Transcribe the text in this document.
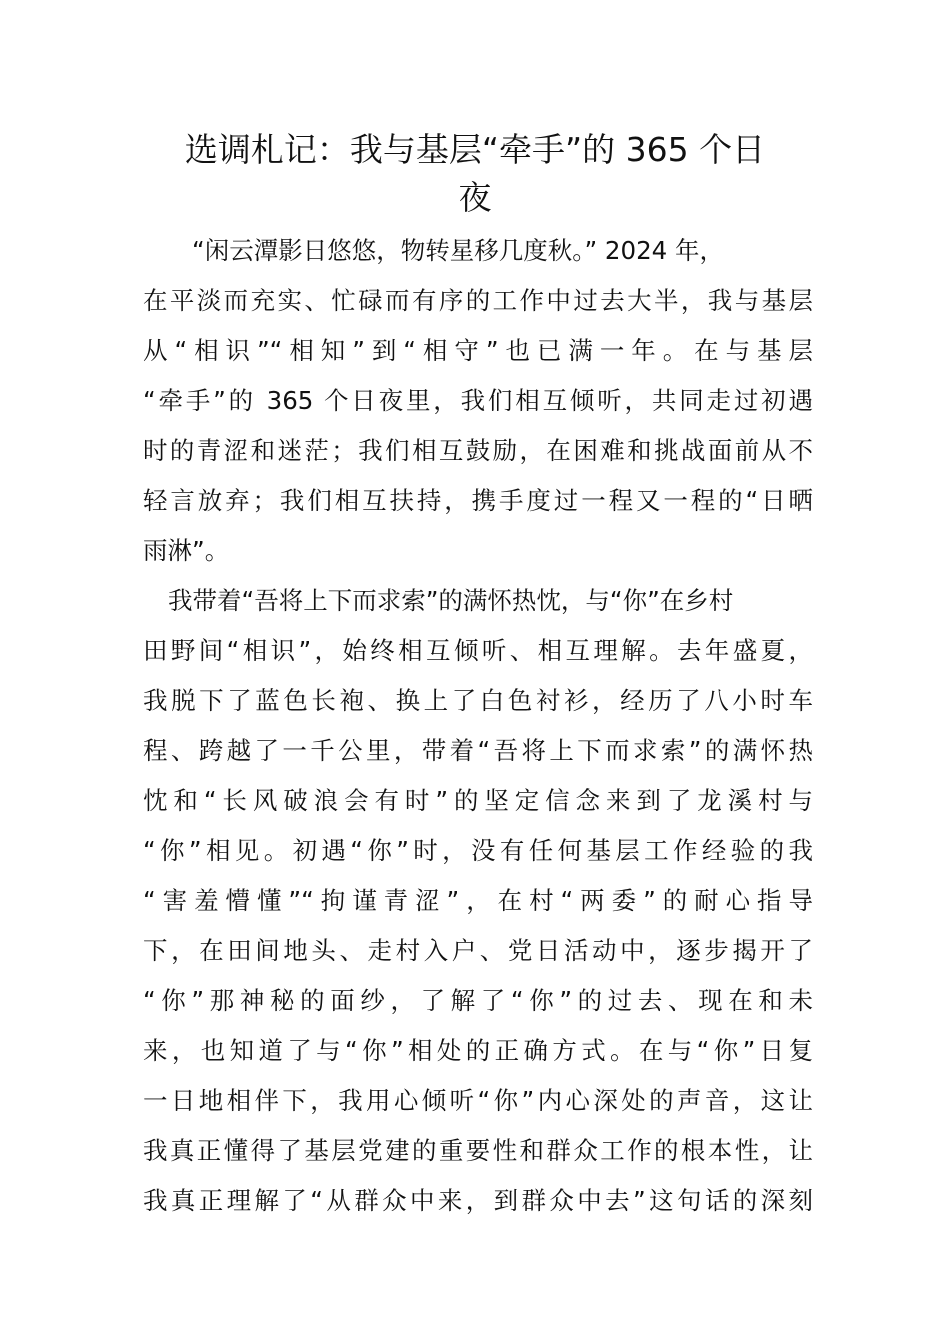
选调札记：我与基层“牵手”的 365 个日
夜
“闲云潭影日悠悠，物转星移几度秋。” 2024 年，
在平淡而充实、忙碌而有序的工作中过去大半，我与基层
从“相识”“相知”到“相守”也已满一年。在与基层
“牵手”的 365 个日夜里，我们相互倾听，共同走过初遇
时的青涩和迷茫；我们相互鼓励，在困难和挑战面前从不
轻言放弃；我们相互扶持，携手度过一程又一程的“日晒
雨淋”。
我带着“吾将上下而求索”的满怀热忱，与“你”在乡村
田野间“相识”，始终相互倾听、相互理解。去年盛夏，
我脱下了蓝色长袍、换上了白色衬衫，经历了八小时车
程、跨越了一千公里，带着“吾将上下而求索”的满怀热
忱和“长风破浪会有时”的坚定信念来到了龙溪村与
“你”相见。初遇“你”时，没有任何基层工作经验的我
“害羞懵懂”“拘谨青涩”，在村“两委”的耐心指导
下，在田间地头、走村入户、党日活动中，逐步揭开了
“你”那神秘的面纱，了解了“你”的过去、现在和未
来，也知道了与“你”相处的正确方式。在与“你”日复
一日地相伴下，我用心倾听“你”内心深处的声音，这让
我真正懂得了基层党建的重要性和群众工作的根本性，让
我真正理解了“从群众中来，到群众中去”这句话的深刻
